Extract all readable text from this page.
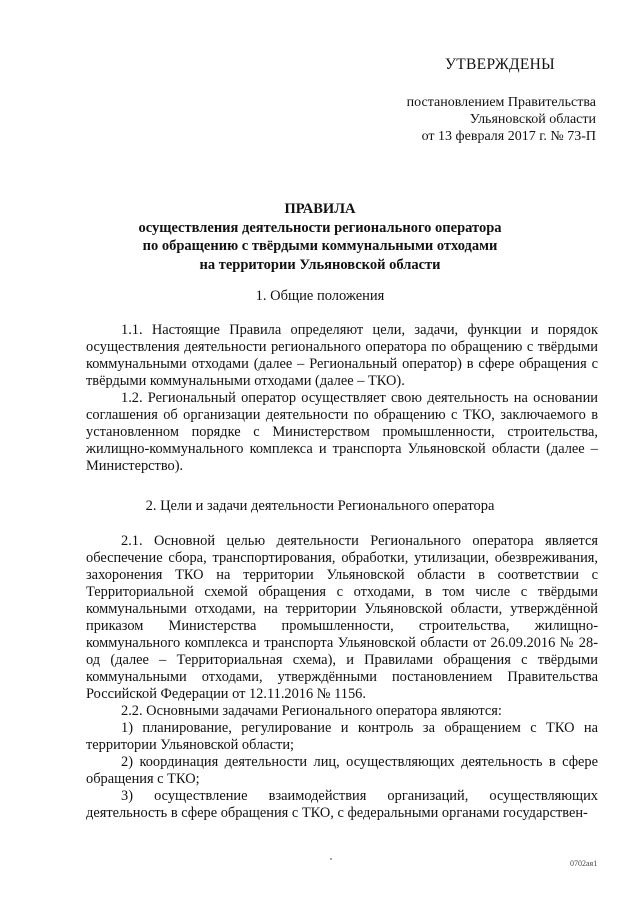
УТВЕРЖДЕНЫ
постановлением Правительства
Ульяновской области
от 13 февраля 2017 г. № 73-П
ПРАВИЛА
осуществления деятельности регионального оператора
по обращению с твёрдыми коммунальными отходами
на территории Ульяновской области
1. Общие положения

1.1. Настоящие Правила определяют цели, задачи, функции и порядок осуществления деятельности регионального оператора по обращению с твёрдыми коммунальными отходами (далее – Региональный оператор) в сфере обращения с твёрдыми коммунальными отходами (далее – ТКО).

1.2. Региональный оператор осуществляет свою деятельность на основании соглашения об организации деятельности по обращению с ТКО, заключаемого в установленном порядке с Министерством промышленности, строительства, жилищно-коммунального комплекса и транспорта Ульяновской области (далее – Министерство).

2. Цели и задачи деятельности Регионального оператора

2.1. Основной целью деятельности Регионального оператора является обеспечение сбора, транспортирования, обработки, утилизации, обезвреживания, захоронения ТКО на территории Ульяновской области в соответствии с Территориальной схемой обращения с отходами, в том числе с твёрдыми коммунальными отходами, на территории Ульяновской области, утверждённой приказом Министерства промышленности, строительства, жилищно-коммунального комплекса и транспорта Ульяновской области от 26.09.2016 № 28-од (далее – Территориальная схема), и Правилами обращения с твёрдыми коммунальными отходами, утверждёнными постановлением Правительства Российской Федерации от 12.11.2016 № 1156.

2.2. Основными задачами Регионального оператора являются:

1) планирование, регулирование и контроль за обращением с ТКО на территории Ульяновской области;

2) координация деятельности лиц, осуществляющих деятельность в сфере обращения с ТКО;

3) осуществление взаимодействия организаций, осуществляющих деятельность в сфере обращения с ТКО, с федеральными органами государствен-

0702ая1
